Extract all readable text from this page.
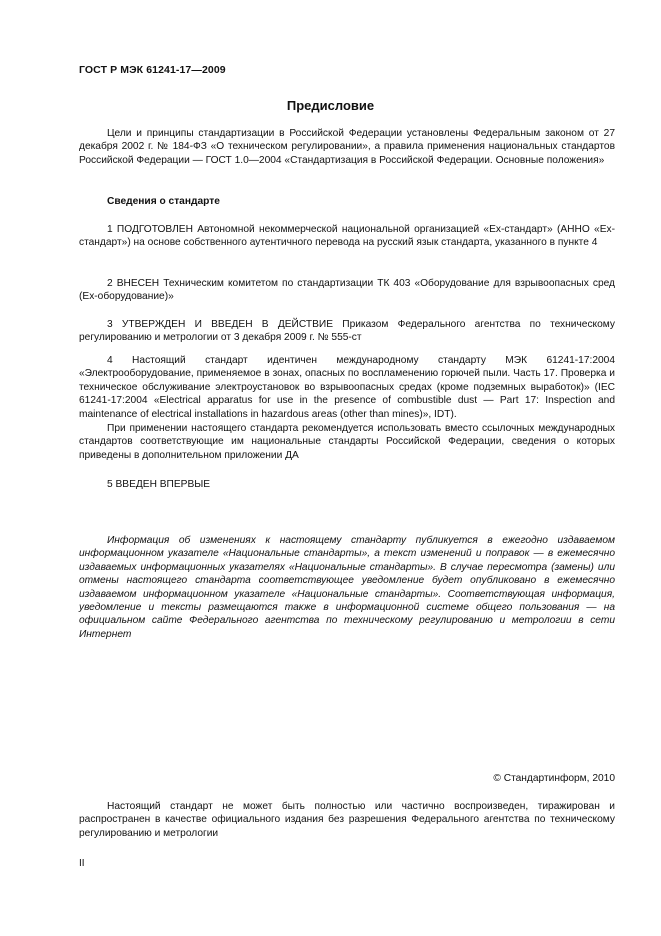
ГОСТ Р МЭК 61241-17—2009
Предисловие

Цели и принципы стандартизации в Российской Федерации установлены Федеральным законом от 27 декабря 2002 г. № 184-ФЗ «О техническом регулировании», а правила применения национальных стандартов Российской Федерации — ГОСТ 1.0—2004 «Стандартизация в Российской Федерации. Основные положения»

Сведения о стандарте

1 ПОДГОТОВЛЕН Автономной некоммерческой национальной организацией «Ех-стандарт» (АННО «Ех-стандарт») на основе собственного аутентичного перевода на русский язык стандарта, указанного в пункте 4

2 ВНЕСЕН Техническим комитетом по стандартизации ТК 403 «Оборудование для взрывоопасных сред (Ех-оборудование)»

3 УТВЕРЖДЕН И ВВЕДЕН В ДЕЙСТВИЕ Приказом Федерального агентства по техническому регулированию и метрологии от 3 декабря 2009 г. № 555-ст

4 Настоящий стандарт идентичен международному стандарту МЭК 61241-17:2004 «Электрооборудование, применяемое в зонах, опасных по воспламенению горючей пыли. Часть 17. Проверка и техническое обслуживание электроустановок во взрывоопасных средах (кроме подземных выработок)» (IEC 61241-17:2004 «Electrical apparatus for use in the presence of combustible dust — Part 17: Inspection and maintenance of electrical installations in hazardous areas (other than mines)», IDT).

При применении настоящего стандарта рекомендуется использовать вместо ссылочных международных стандартов соответствующие им национальные стандарты Российской Федерации, сведения о которых приведены в дополнительном приложении ДА

5 ВВЕДЕН ВПЕРВЫЕ

Информация об изменениях к настоящему стандарту публикуется в ежегодно издаваемом информационном указателе «Национальные стандарты», а текст изменений и поправок — в ежемесячно издаваемых информационных указателях «Национальные стандарты». В случае пересмотра (замены) или отмены настоящего стандарта соответствующее уведомление будет опубликовано в ежемесячно издаваемом информационном указателе «Национальные стандарты». Соответствующая информация, уведомление и тексты размещаются также в информационной системе общего пользования — на официальном сайте Федерального агентства по техническому регулированию и метрологии в сети Интернет

© Стандартинформ, 2010

Настоящий стандарт не может быть полностью или частично воспроизведен, тиражирован и распространен в качестве официального издания без разрешения Федерального агентства по техническому регулированию и метрологии

II
